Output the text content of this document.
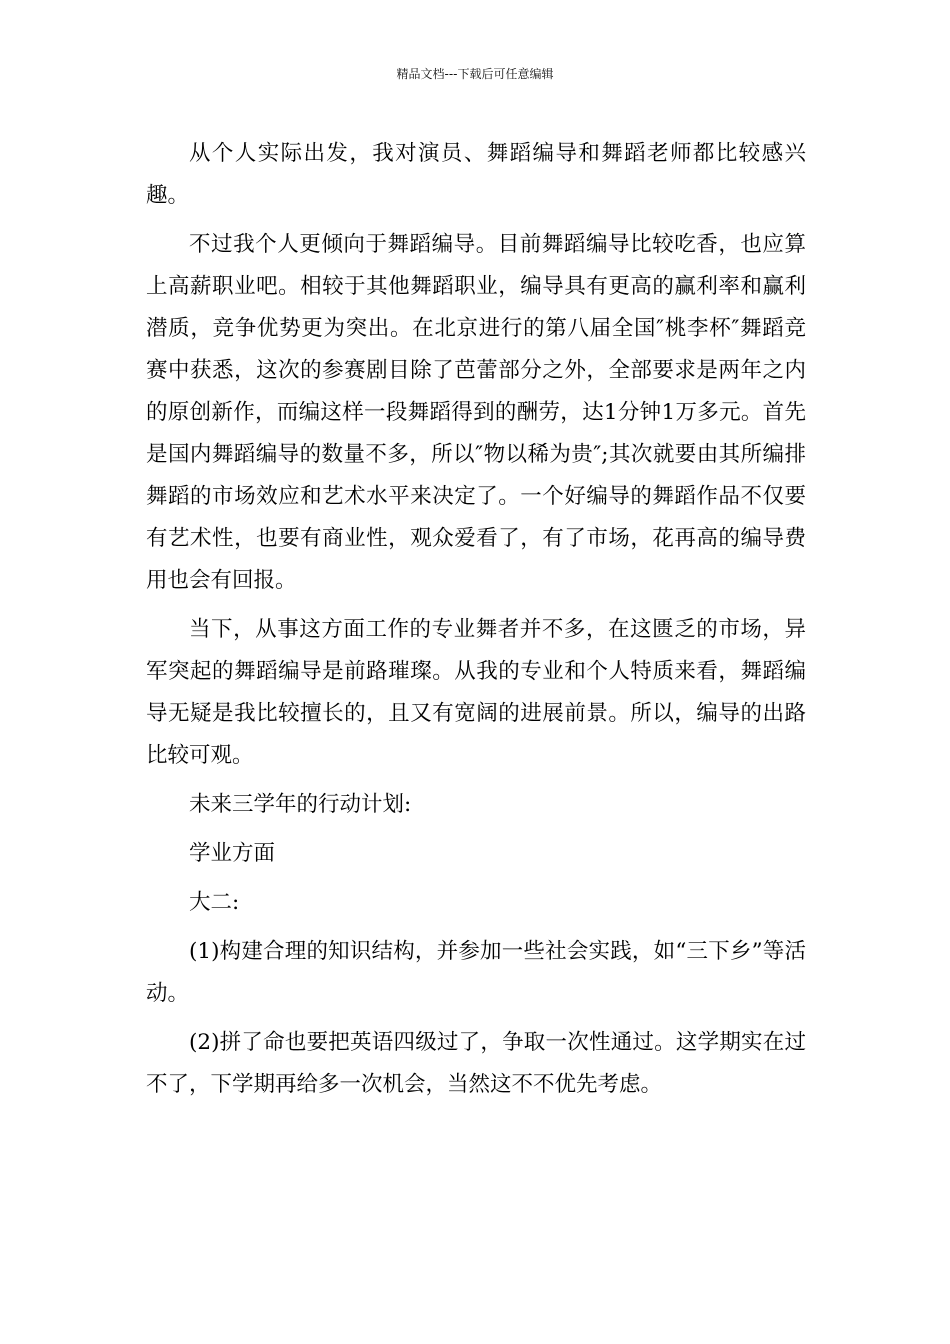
精品文档---下载后可任意编辑

从个人实际出发，我对演员、舞蹈编导和舞蹈老师都比较感兴趣。

不过我个人更倾向于舞蹈编导。目前舞蹈编导比较吃香，也应算上高薪职业吧。相较于其他舞蹈职业，编导具有更高的赢利率和赢利潜质，竞争优势更为突出。在北京进行的第八届全国″桃李杯″舞蹈竞赛中获悉，这次的参赛剧目除了芭蕾部分之外，全部要求是两年之内的原创新作，而编这样一段舞蹈得到的酬劳，达1分钟1万多元。首先是国内舞蹈编导的数量不多，所以″物以稀为贵″;其次就要由其所编排舞蹈的市场效应和艺术水平来决定了。一个好编导的舞蹈作品不仅要有艺术性，也要有商业性，观众爱看了，有了市场，花再高的编导费用也会有回报。

当下，从事这方面工作的专业舞者并不多，在这匮乏的市场，异军突起的舞蹈编导是前路璀璨。从我的专业和个人特质来看，舞蹈编导无疑是我比较擅长的，且又有宽阔的进展前景。所以，编导的出路比较可观。

未来三学年的行动计划:

学业方面

大二:

(1)构建合理的知识结构，并参加一些社会实践，如“三下乡”等活动。

(2)拼了命也要把英语四级过了，争取一次性通过。这学期实在过不了，下学期再给多一次机会，当然这不不优先考虑。
